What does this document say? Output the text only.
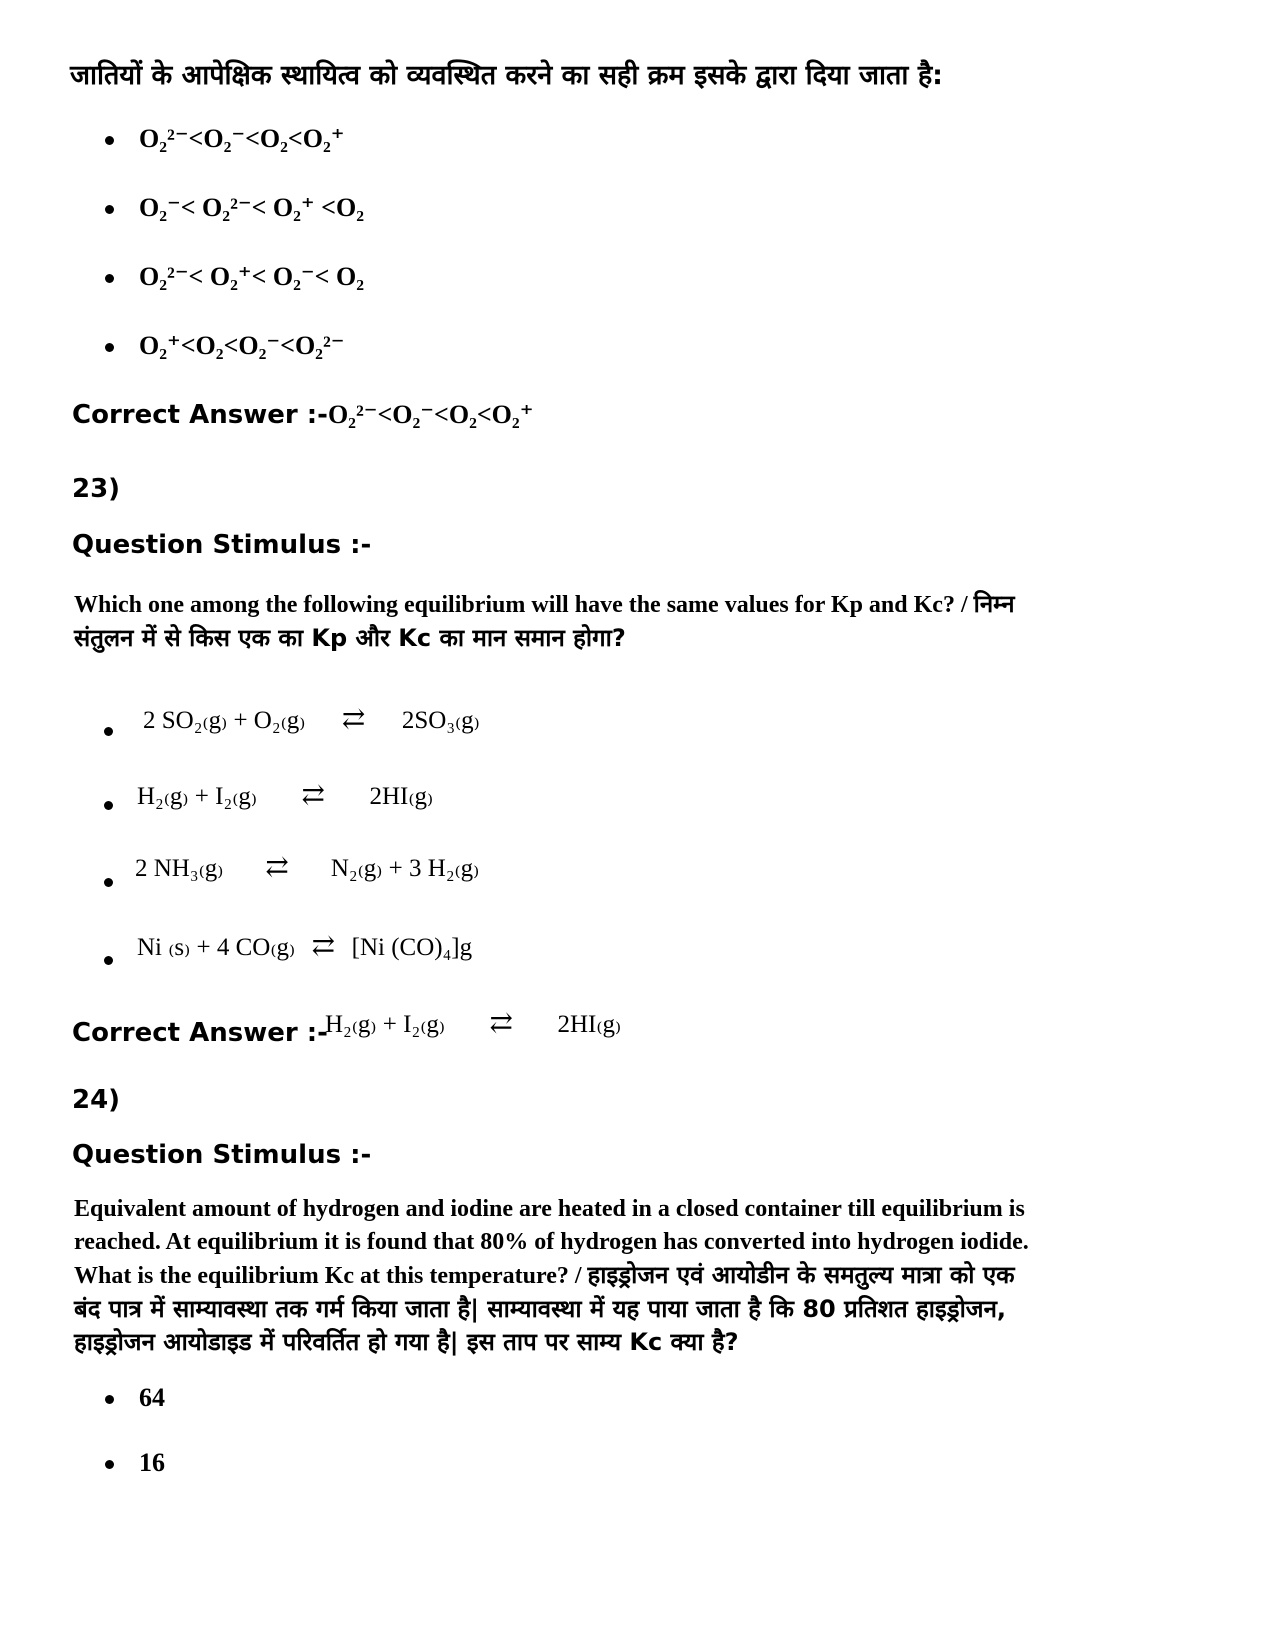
जातियों के आपेक्षिक स्थायित्व को व्यवस्थित करने का सही क्रम इसके द्वारा दिया जाता है:
O₂²⁻<O₂⁻<O₂<O₂⁺
O₂⁻< O₂²⁻< O₂⁺ <O₂
O₂²⁻< O₂⁺< O₂⁻< O₂
O₂⁺<O₂<O₂⁻<O₂²⁻
Correct Answer :-O₂²⁻<O₂⁻<O₂<O₂⁺
23)
Question Stimulus :-
Which one among the following equilibrium will have the same values for Kp and Kc? / निम्न
संतुलन में से किस एक का Kp और Kc का मान समान होगा?
2 SO₂₍g₎ + O₂₍g₎ ⇄ 2SO₃₍g₎
H₂₍g₎ + I₂₍g₎ ⇄ 2HI₍g₎
2 NH₃₍g₎ ⇄ N₂₍g₎ + 3 H₂₍g₎
Ni ₍s₎ + 4 CO₍g₎ ⇄ [Ni (CO)₄]g
Correct Answer :-
H₂₍g₎ + I₂₍g₎ ⇄ 2HI₍g₎
24)
Question Stimulus :-
Equivalent amount of hydrogen and iodine are heated in a closed container till equilibrium is
reached. At equilibrium it is found that 80% of hydrogen has converted into hydrogen iodide.
What is the equilibrium Kc at this temperature? / हाइड्रोजन एवं आयोडीन के समतुल्य मात्रा को एक
बंद पात्र में साम्यावस्था तक गर्म किया जाता है| साम्यावस्था में यह पाया जाता है कि 80 प्रतिशत हाइड्रोजन,
हाइड्रोजन आयोडाइड में परिवर्तित हो गया है| इस ताप पर साम्य Kc क्या है?
64
16
